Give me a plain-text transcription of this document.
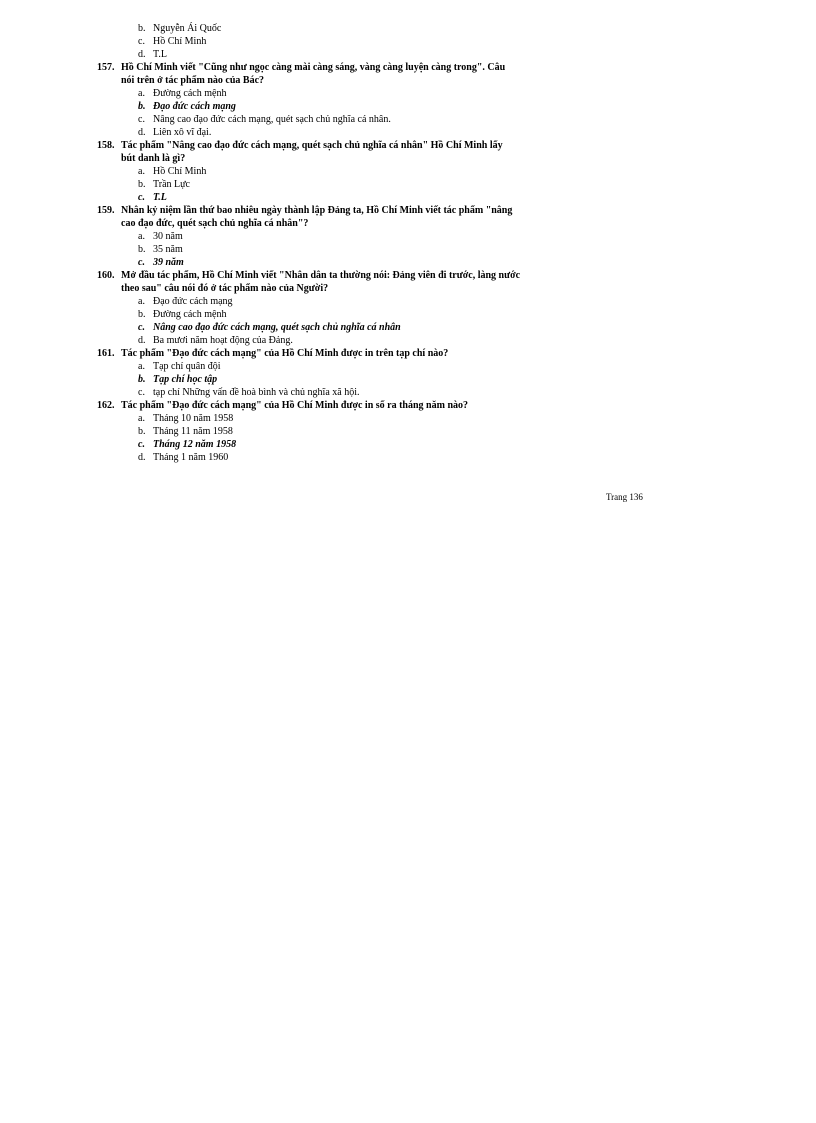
b. Nguyễn Ái Quốc
c. Hồ Chí Minh
d. T.L
157. Hồ Chí Minh viết "Cũng như ngọc càng mài càng sáng, vàng càng luyện càng trong". Câu
nói trên ở tác phẩm nào của Bác?
a. Đường cách mệnh
b. Đạo đức cách mạng
c. Nâng cao đạo đức cách mạng, quét sạch chủ nghĩa cá nhân.
d. Liên xô vĩ đại.
158. Tác phẩm "Nâng cao đạo đức cách mạng, quét sạch chủ nghĩa cá nhân" Hồ Chí Minh lấy
bút danh là gì?
a. Hồ Chí Minh
b. Trần Lực
c. T.L
159. Nhân kỷ niệm lần thứ bao nhiêu ngày thành lập Đảng ta, Hồ Chí Minh viết tác phẩm "nâng
cao đạo đức, quét sạch chủ nghĩa cá nhân"?
a. 30 năm
b. 35 năm
c. 39 năm
160. Mở đầu tác phẩm, Hồ Chí Minh viết "Nhân dân ta thường nói: Đảng viên đi trước, làng nước
theo sau" câu nói đó ở tác phẩm nào của Người?
a. Đạo đức cách mạng
b. Đường cách mệnh
c. Nâng cao đạo đức cách mạng, quét sạch chủ nghĩa cá nhân
d. Ba mươi năm hoạt động của Đảng.
161. Tác phẩm "Đạo đức cách mạng" của Hồ Chí Minh được in trên tạp chí nào?
a. Tạp chí quân đội
b. Tạp chí học tập
c. tạp chí Những vấn đề hoà bình và chủ nghĩa xã hội.
162. Tác phẩm "Đạo đức cách mạng" của Hồ Chí Minh được in số ra tháng năm nào?
a. Tháng 10 năm 1958
b. Tháng 11 năm 1958
c. Tháng 12 năm 1958
d. Tháng 1 năm 1960
Trang 136
